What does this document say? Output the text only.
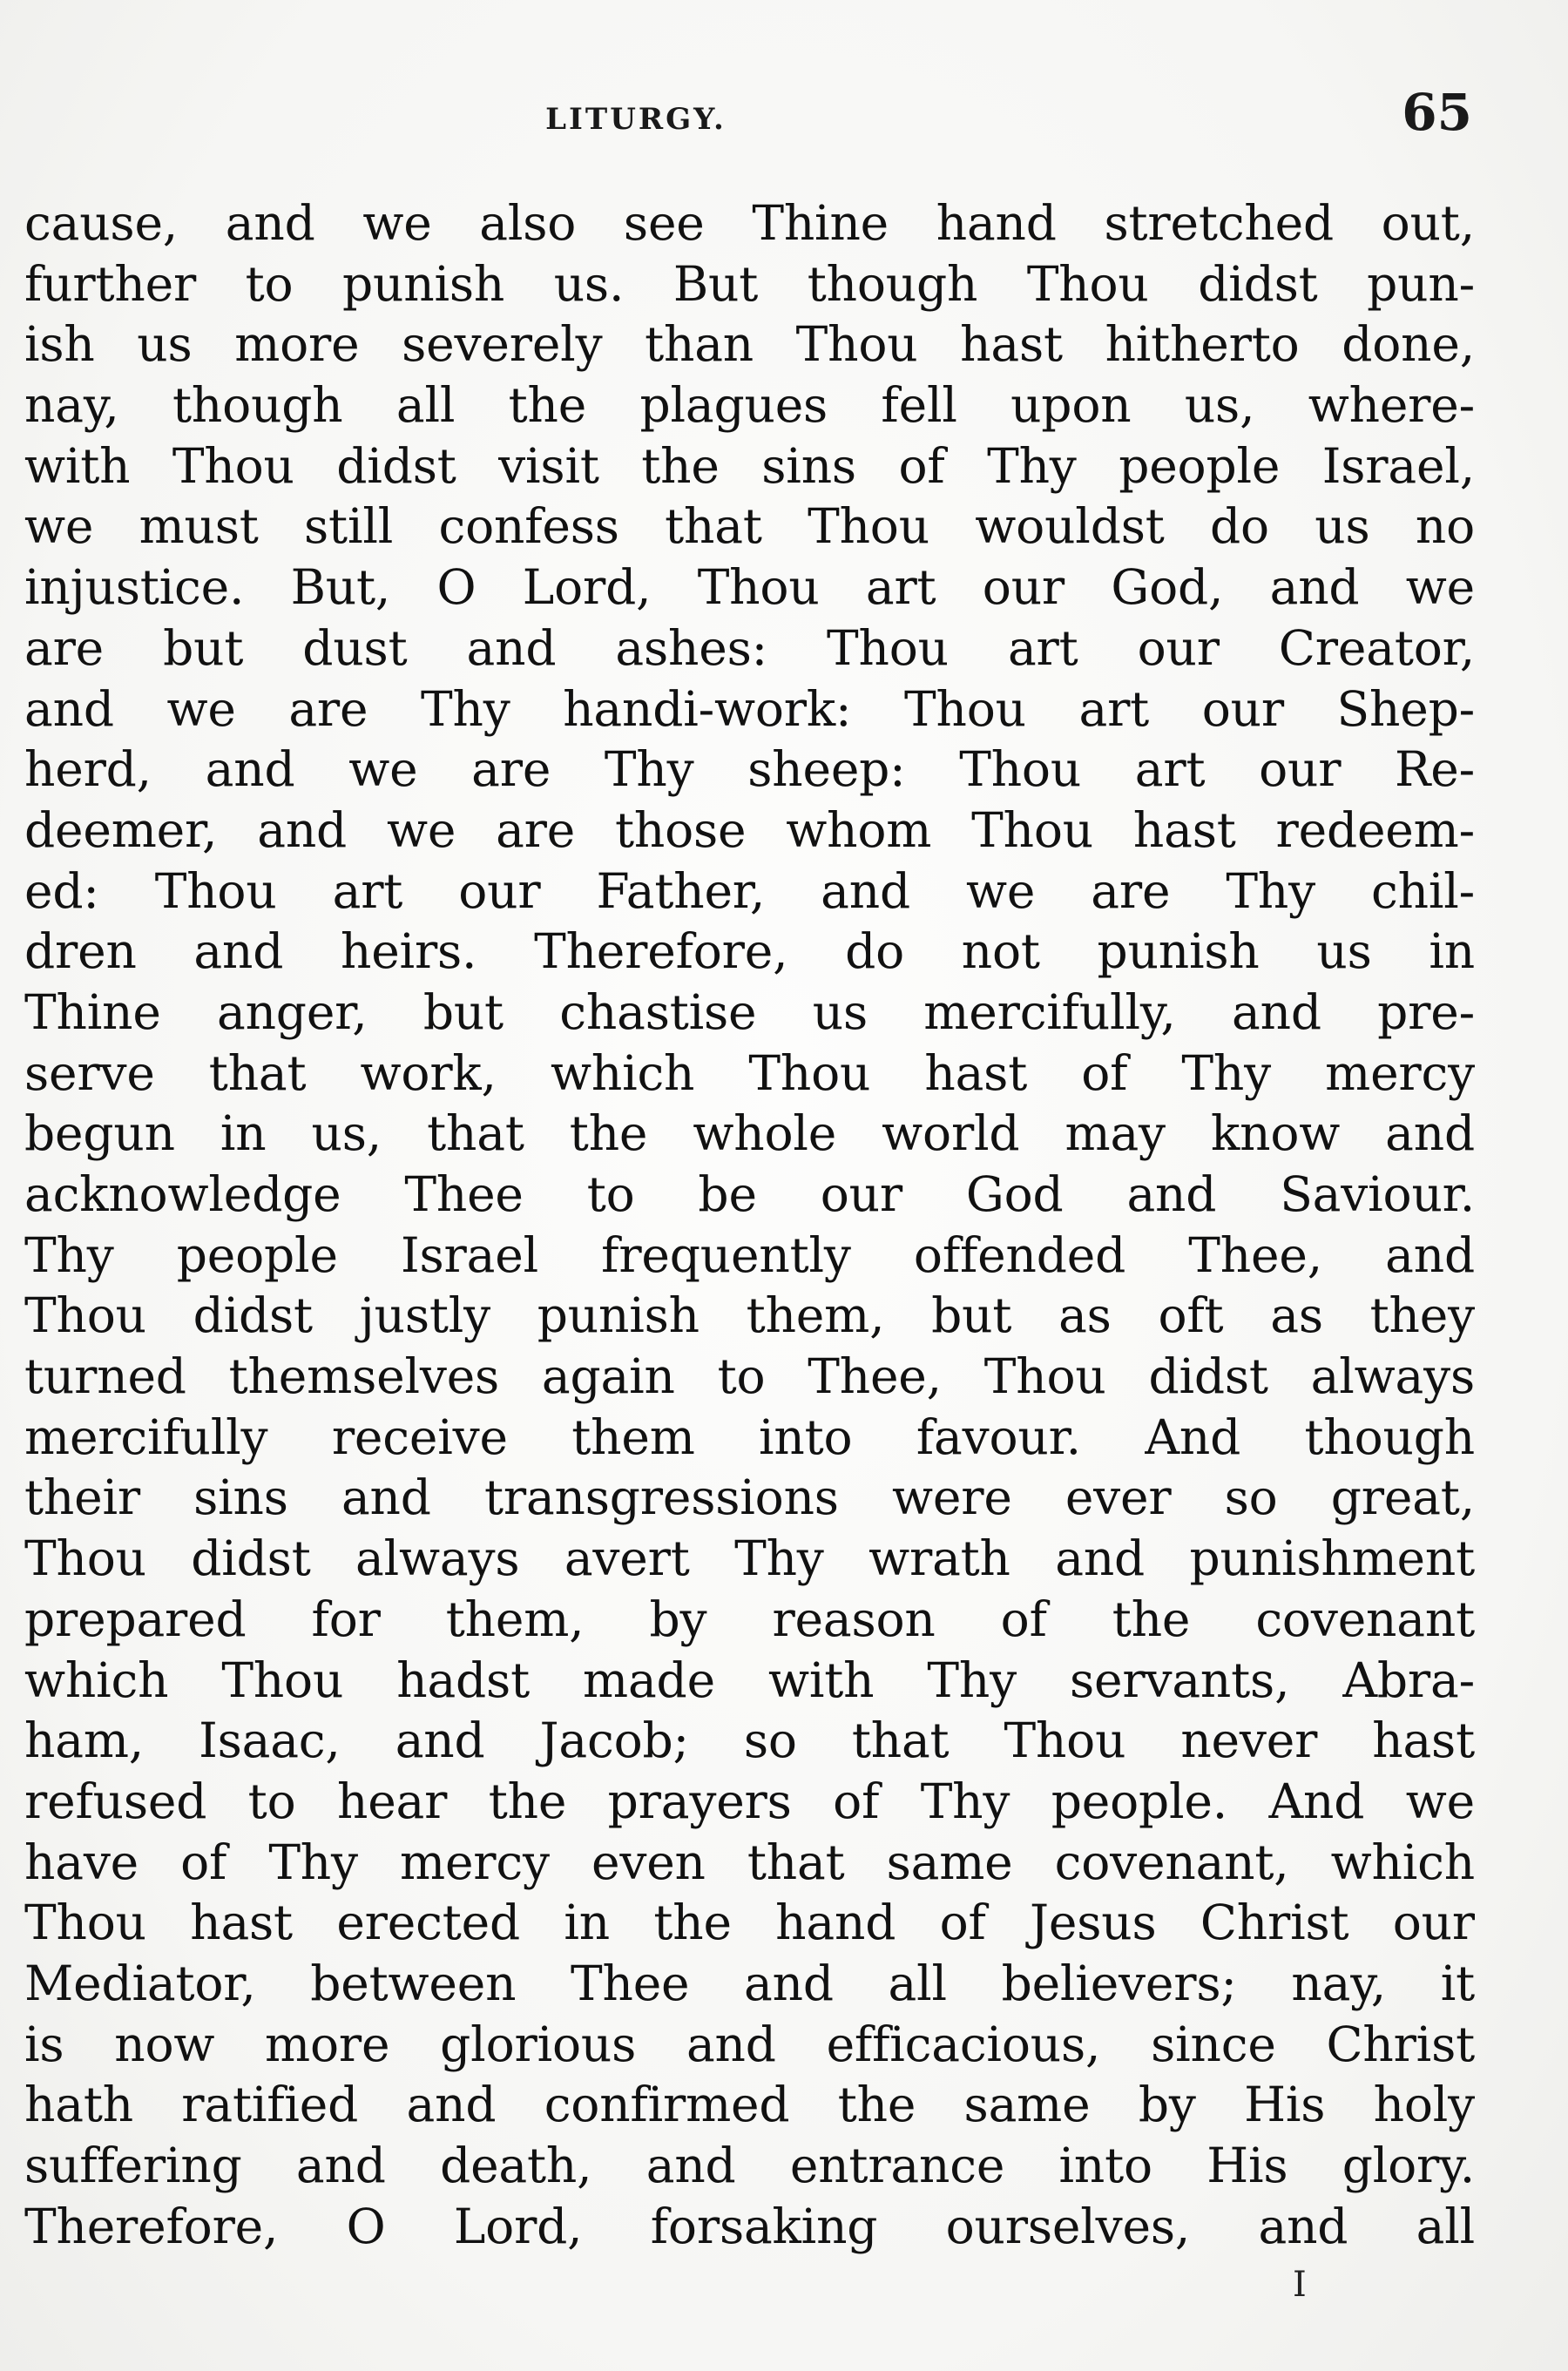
LITURGY.	65
cause, and we also see Thine hand stretched out,
further to punish us. But though Thou didst pun-
ish us more severely than Thou hast hitherto done,
nay, though all the plagues fell upon us, where-
with Thou didst visit the sins of Thy people Israel,
we must still confess that Thou wouldst do us no
injustice. But, O Lord, Thou art our God, and we
are but dust and ashes: Thou art our Creator,
and we are Thy handi-work: Thou art our Shep-
herd, and we are Thy sheep: Thou art our Re-
deemer, and we are those whom Thou hast redeem-
ed: Thou art our Father, and we are Thy chil-
dren and heirs. Therefore, do not punish us in
Thine anger, but chastise us mercifully, and pre-
serve that work, which Thou hast of Thy mercy
begun in us, that the whole world may know and
acknowledge Thee to be our God and Saviour.
Thy people Israel frequently offended Thee, and
Thou didst justly punish them, but as oft as they
turned themselves again to Thee, Thou didst always
mercifully receive them into favour. And though
their sins and transgressions were ever so great,
Thou didst always avert Thy wrath and punishment
prepared for them, by reason of the covenant
which Thou hadst made with Thy servants, Abra-
ham, Isaac, and Jacob; so that Thou never hast
refused to hear the prayers of Thy people. And we
have of Thy mercy even that same covenant, which
Thou hast erected in the hand of Jesus Christ our
Mediator, between Thee and all believers; nay, it
is now more glorious and efficacious, since Christ
hath ratified and confirmed the same by His holy
suffering and death, and entrance into His glory.
Therefore, O Lord, forsaking ourselves, and all
I
